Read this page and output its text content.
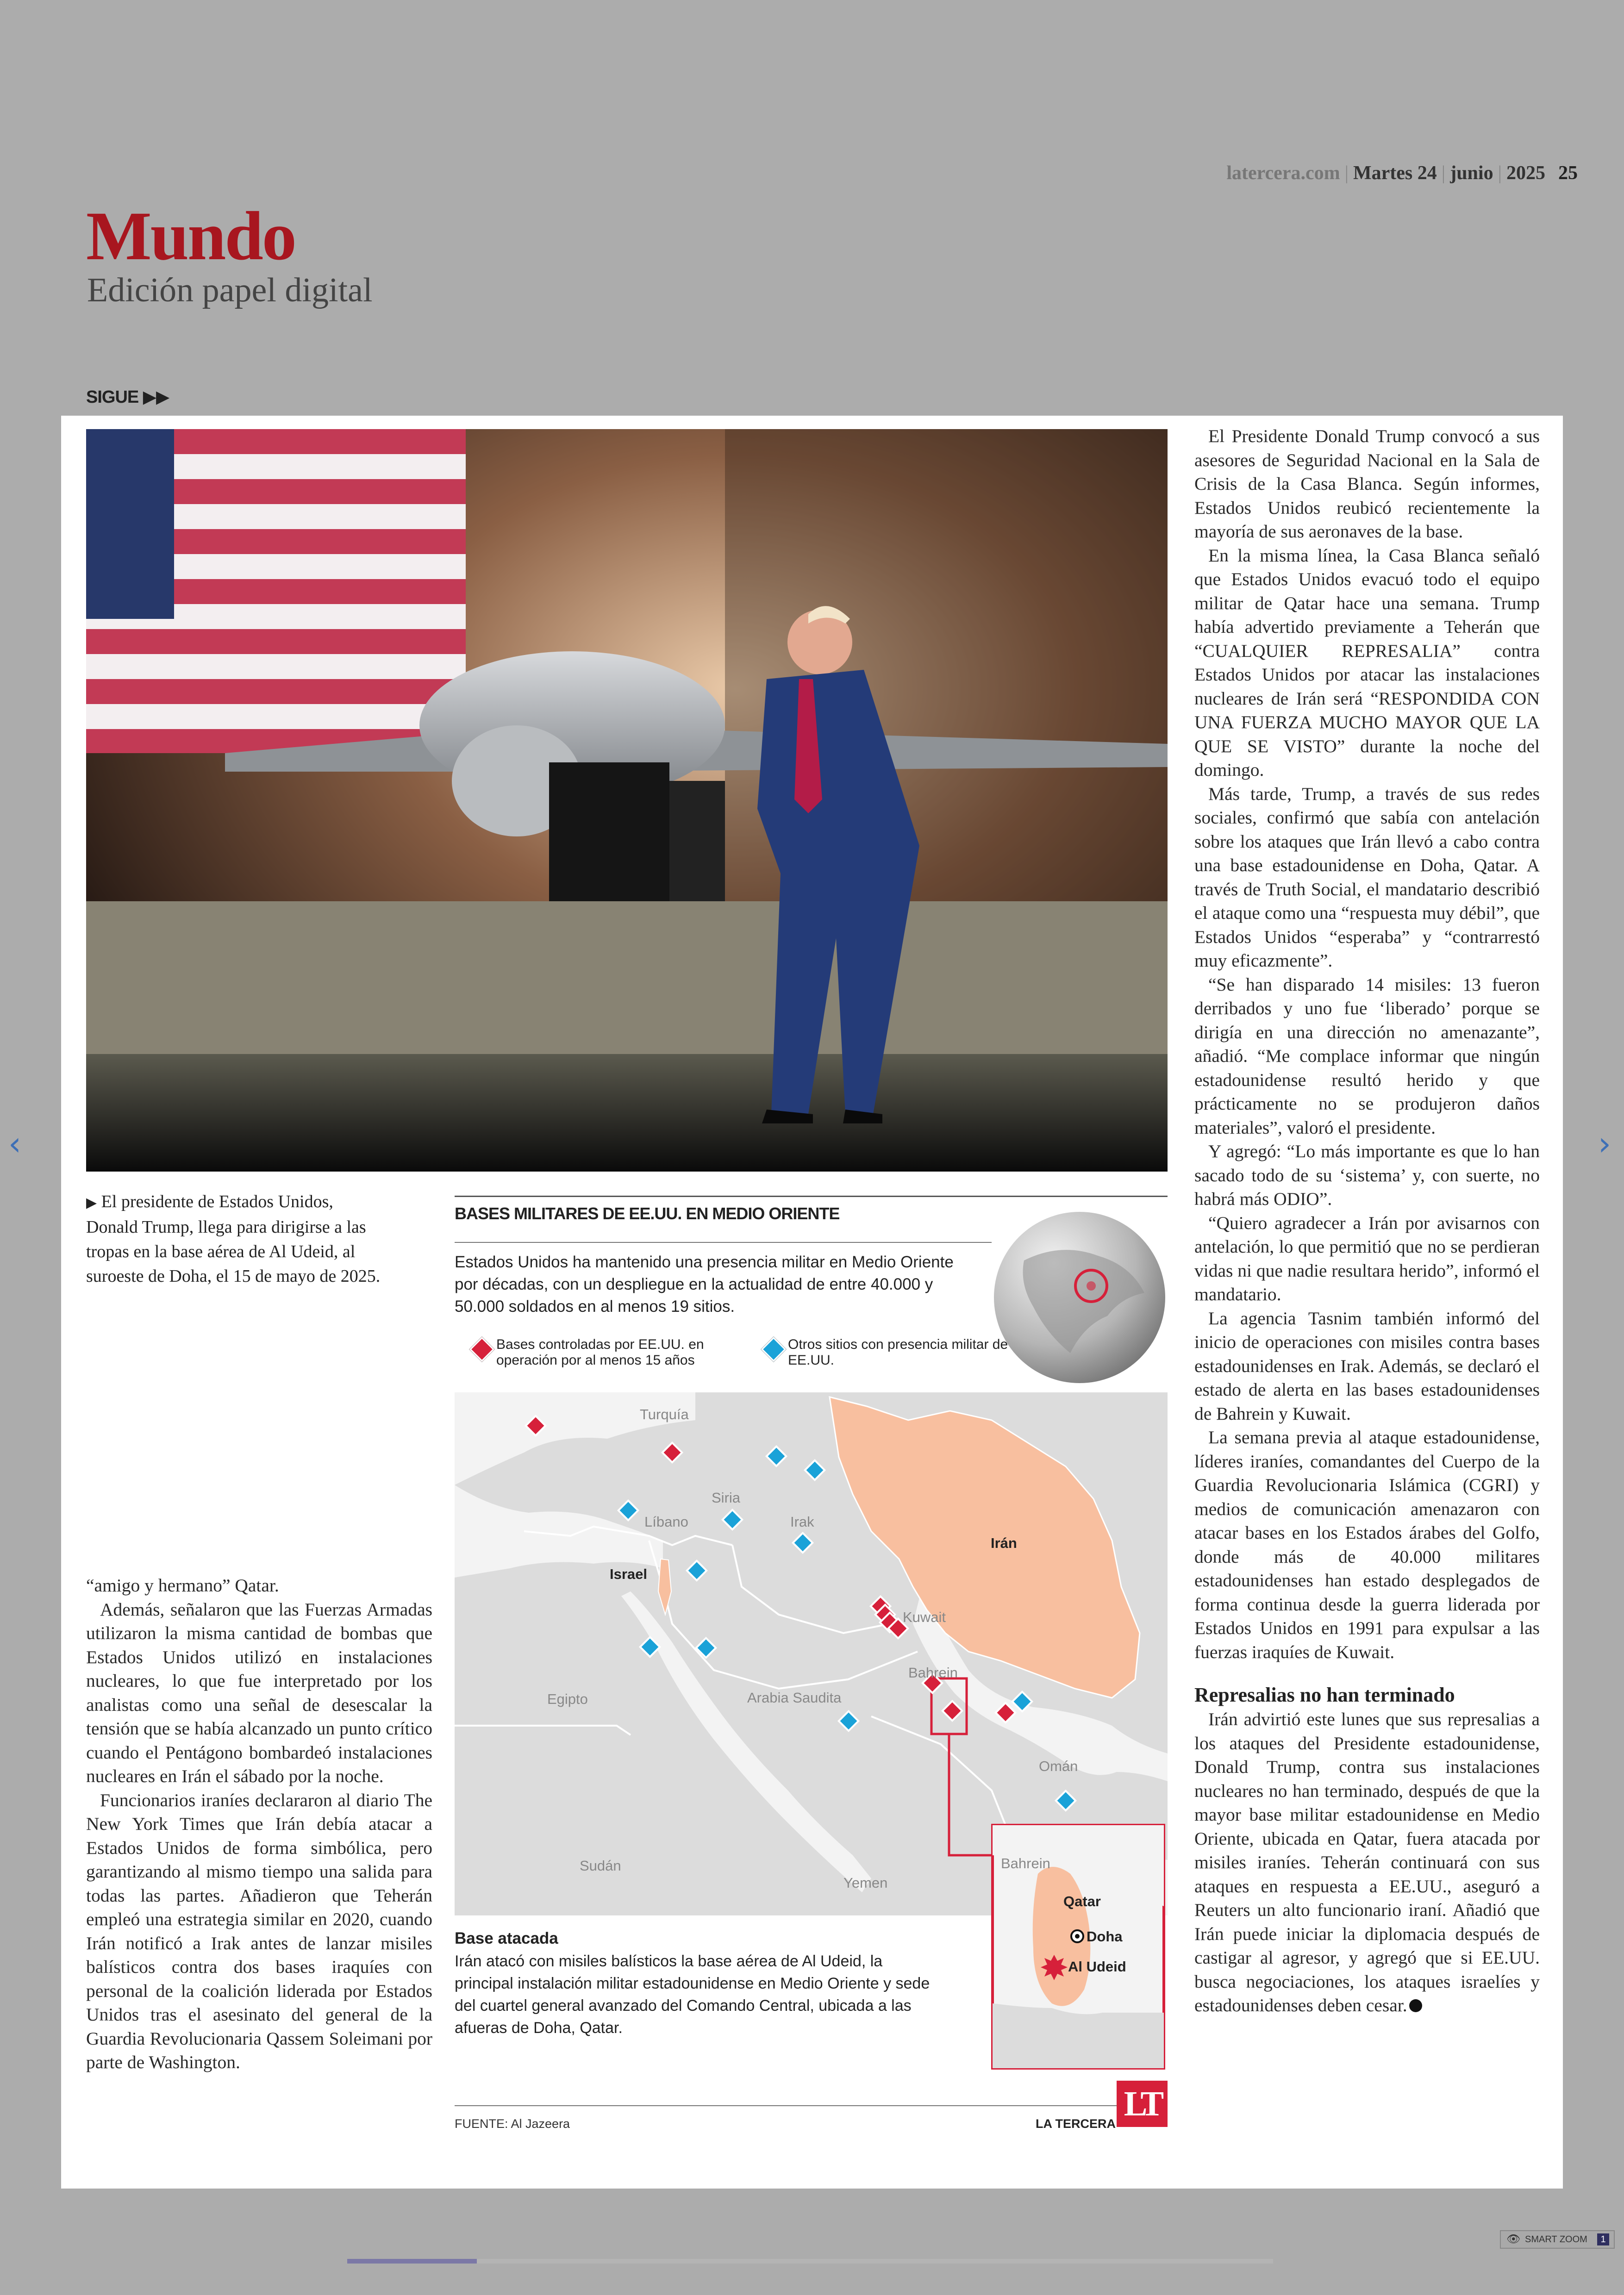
latercera.com | Martes 24 | junio | 2025 25
Mundo
Edición papel digital
SIGUE ▶▶
▶ El presidente de Estados Unidos, Donald Trump, llega para dirigirse a las tropas en la base aérea de Al Udeid, al suroeste de Doha, el 15 de mayo de 2025.

“amigo y hermano” Qatar.

Además, señalaron que las Fuerzas Armadas utilizaron la misma cantidad de bombas que Estados Unidos utilizó en instalaciones nucleares, lo que fue interpretado por los analistas como una señal de desescalar la tensión que se había alcanzado un punto crítico cuando el Pentágono bombardeó instalaciones nucleares en Irán el sábado por la noche.

Funcionarios iraníes declararon al diario The New York Times que Irán debía atacar a Estados Unidos de forma simbólica, pero garantizando al mismo tiempo una salida para todas las partes. Añadieron que Teherán empleó una estrategia similar en 2020, cuando Irán notificó a Irak antes de lanzar misiles balísticos contra dos bases iraquíes con personal de la coalición liderada por Estados Unidos tras el asesinato del general de la Guardia Revolucionaria Qassem Soleimani por parte de Washington.

El Presidente Donald Trump convocó a sus asesores de Seguridad Nacional en la Sala de Crisis de la Casa Blanca. Según informes, Estados Unidos reubicó recientemente la mayoría de sus aeronaves de la base.

En la misma línea, la Casa Blanca señaló que Estados Unidos evacuó todo el equipo militar de Qatar hace una semana. Trump había advertido previamente a Teherán que “CUALQUIER REPRESALIA” contra Estados Unidos por atacar las instalaciones nucleares de Irán será “RESPONDIDA CON UNA FUERZA MUCHO MAYOR QUE LA QUE SE VISTO” durante la noche del domingo.

Más tarde, Trump, a través de sus redes sociales, confirmó que sabía con antelación sobre los ataques que Irán llevó a cabo contra una base estadounidense en Doha, Qatar. A través de Truth Social, el mandatario describió el ataque como una “respuesta muy débil”, que Estados Unidos “esperaba” y “contrarrestó muy eficazmente”.

“Se han disparado 14 misiles: 13 fueron derribados y uno fue ‘liberado’ porque se dirigía en una dirección no amenazante”, añadió. “Me complace informar que ningún estadounidense resultó herido y que prácticamente no se produjeron daños materiales”, valoró el presidente.

Y agregó: “Lo más importante es que lo han sacado todo de su ‘sistema’ y, con suerte, no habrá más ODIO”.

“Quiero agradecer a Irán por avisarnos con antelación, lo que permitió que no se perdieran vidas ni que nadie resultara herido”, informó el mandatario.

La agencia Tasnim también informó del inicio de operaciones con misiles contra bases estadounidenses en Irak. Además, se declaró el estado de alerta en las bases estadounidenses de Bahrein y Kuwait.

La semana previa al ataque estadounidense, líderes iraníes, comandantes del Cuerpo de la Guardia Revolucionaria Islámica (CGRI) y medios de comunicación amenazaron con atacar bases en los Estados árabes del Golfo, donde más de 40.000 militares estadounidenses han estado desplegados de forma continua desde la guerra liderada por Estados Unidos en 1991 para expulsar a las fuerzas iraquíes de Kuwait.

Represalias no han terminado

Irán advirtió este lunes que sus represalias a los ataques del Presidente estadounidense, Donald Trump, contra sus instalaciones nucleares no han terminado, después de que la mayor base militar estadounidense en Medio Oriente, ubicada en Qatar, fuera atacada por misiles iraníes. Teherán continuará con sus ataques en respuesta a EE.UU., aseguró a Reuters un alto funcionario iraní. Añadió que Irán puede iniciar la diplomacia después de castigar al agresor, y agregó que si EE.UU. busca negociaciones, los ataques israelíes y estadounidenses deben cesar.

BASES MILITARES DE EE.UU. EN MEDIO ORIENTE
Estados Unidos ha mantenido una presencia militar en Medio Oriente por décadas, con un despliegue en la actualidad de entre 40.000 y 50.000 soldados en al menos 19 sitios.
Bases controladas por EE.UU. en operación por al menos 15 años
Otros sitios con presencia militar de EE.UU.
Turquía
Siria
Líbano	Irak
Irán
Israel
Kuwait
Bahrein
Egipto	Arabia Saudita
Omán
Sudán
Yemen
Bahrein
Qatar
Doha
Al Udeid
Base atacada
Irán atacó con misiles balísticos la base aérea de Al Udeid, la principal instalación militar estadounidense en Medio Oriente y sede del cuartel general avanzado del Comando Central, ubicada a las afueras de Doha, Qatar.
FUENTE: Al Jazeera	LA TERCERA
LT
‹	›
👁 SMART ZOOM	1
